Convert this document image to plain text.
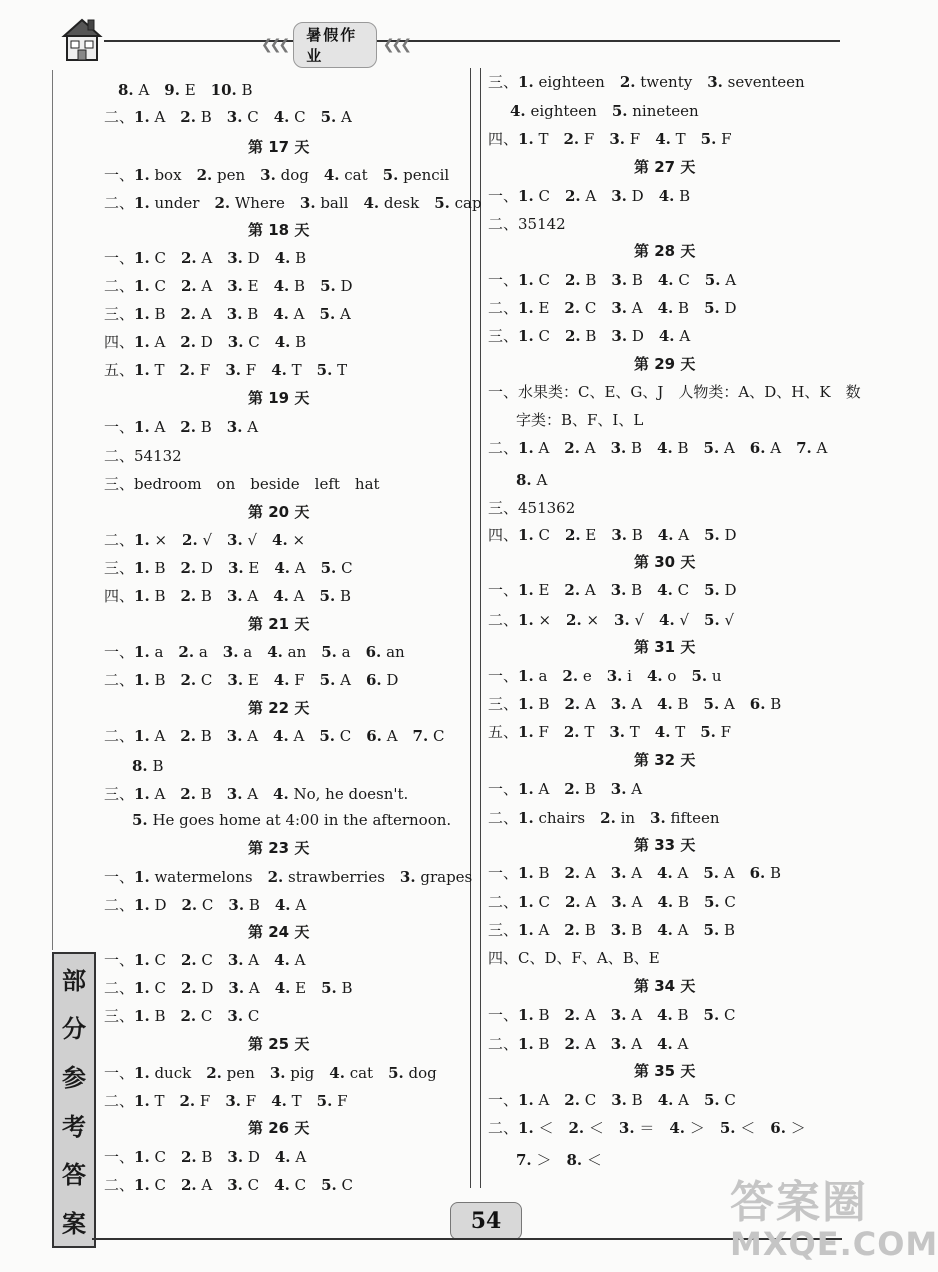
❮❮❮
暑假作业
❮❮❮
8. A　9. E　10. B
二、1. A　2. B　3. C　4. C　5. A
第 17 天
一、1. box　2. pen　3. dog　4. cat　5. pencil
二、1. under　2. Where　3. ball　4. desk　5. cap
第 18 天
一、1. C　2. A　3. D　4. B
二、1. C　2. A　3. E　4. B　5. D
三、1. B　2. A　3. B　4. A　5. A
四、1. A　2. D　3. C　4. B
五、1. T　2. F　3. F　4. T　5. T
第 19 天
一、1. A　2. B　3. A
二、54132
三、bedroom　on　beside　left　hat
第 20 天
二、1. ×　2. √　3. √　4. ×
三、1. B　2. D　3. E　4. A　5. C
四、1. B　2. B　3. A　4. A　5. B
第 21 天
一、1. a　2. a　3. a　4. an　5. a　6. an
二、1. B　2. C　3. E　4. F　5. A　6. D
第 22 天
二、1. A　2. B　3. A　4. A　5. C　6. A　7. C
8. B
三、1. A　2. B　3. A　4. No, he doesn't.
5. He goes home at 4:00 in the afternoon.
第 23 天
一、1. watermelons　2. strawberries　3. grapes
二、1. D　2. C　3. B　4. A
第 24 天
一、1. C　2. C　3. A　4. A
二、1. C　2. D　3. A　4. E　5. B
三、1. B　2. C　3. C
第 25 天
一、1. duck　2. pen　3. pig　4. cat　5. dog
二、1. T　2. F　3. F　4. T　5. F
第 26 天
一、1. C　2. B　3. D　4. A
二、1. C　2. A　3. C　4. C　5. C
三、1. eighteen　2. twenty　3. seventeen
4. eighteen　5. nineteen
四、1. T　2. F　3. F　4. T　5. F
第 27 天
一、1. C　2. A　3. D　4. B
二、35142
第 28 天
一、1. C　2. B　3. B　4. C　5. A
二、1. E　2. C　3. A　4. B　5. D
三、1. C　2. B　3. D　4. A
第 29 天
一、水果类：C、E、G、J　人物类：A、D、H、K　数
字类：B、F、I、L
二、1. A　2. A　3. B　4. B　5. A　6. A　7. A
8. A
三、451362
四、1. C　2. E　3. B　4. A　5. D
第 30 天
一、1. E　2. A　3. B　4. C　5. D
二、1. ×　2. ×　3. √　4. √　5. √
第 31 天
一、1. a　2. e　3. i　4. o　5. u
三、1. B　2. A　3. A　4. B　5. A　6. B
五、1. F　2. T　3. T　4. T　5. F
第 32 天
一、1. A　2. B　3. A
二、1. chairs　2. in　3. fifteen
第 33 天
一、1. B　2. A　3. A　4. A　5. A　6. B
二、1. C　2. A　3. A　4. B　5. C
三、1. A　2. B　3. B　4. A　5. B
四、C、D、F、A、B、E
第 34 天
一、1. B　2. A　3. A　4. B　5. C
二、1. B　2. A　3. A　4. A
第 35 天
一、1. A　2. C　3. B　4. A　5. C
二、1. ＜　2. ＜　3. ＝　4. ＞　5. ＜　6. ＞
7. ＞　8. ＜
部
分
参
考
答
案	54	答案圈
MXQE.COM
